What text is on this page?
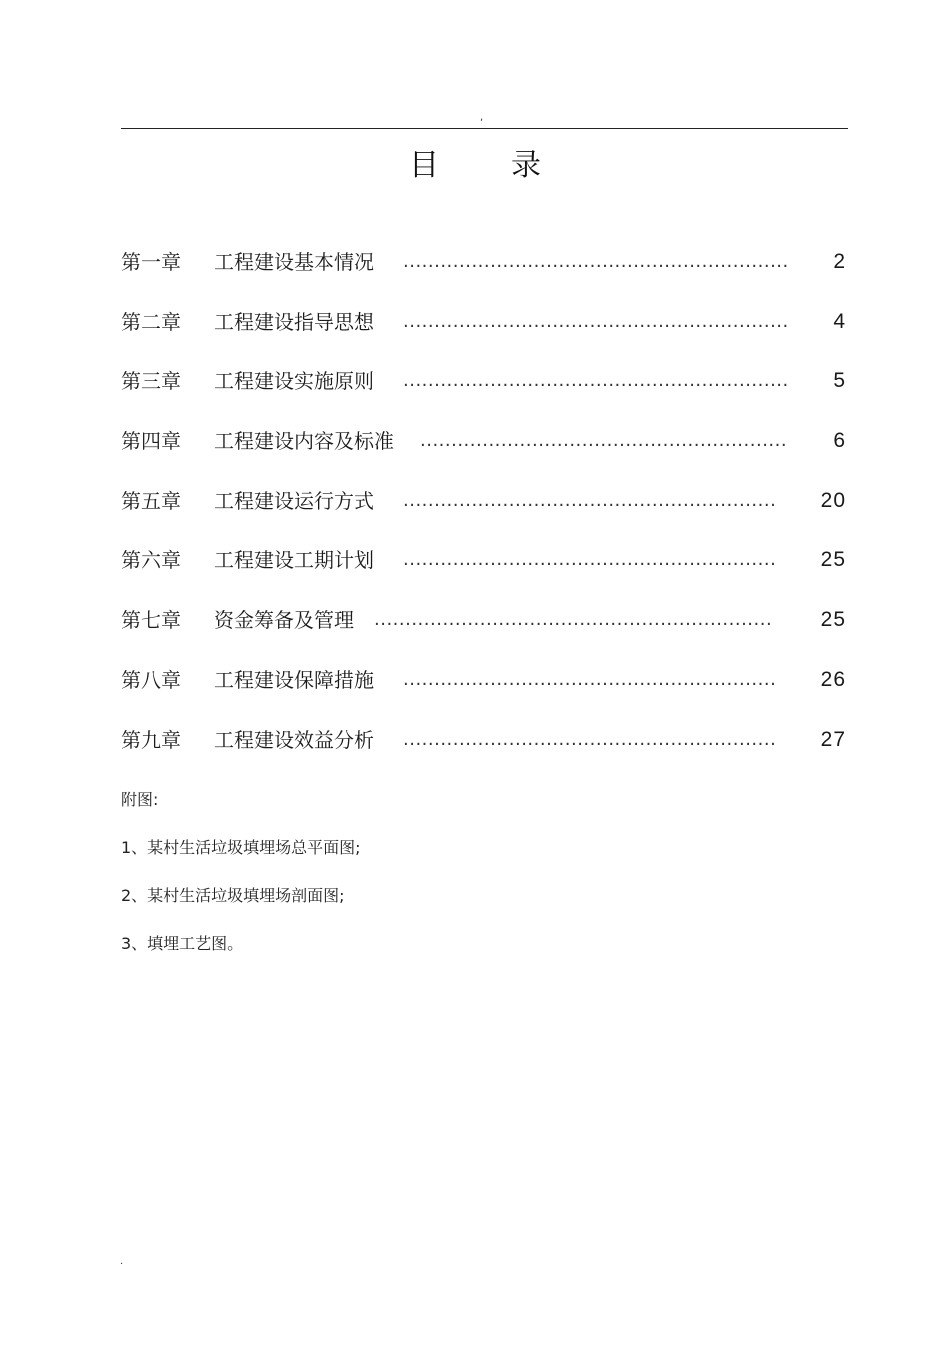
,
目录
第一章 工程建设基本情况 .............................................................. 2
第二章 工程建设指导思想 .............................................................. 4
第三章 工程建设实施原则 .............................................................. 5
第四章 工程建设内容及标准 ...........................................................	6
第五章 工程建设运行方式 ............................................................ 20
第六章 工程建设工期计划 ............................................................ 25
第七章 资金筹备及管理 ................................................................ 25
第八章 工程建设保障措施 ............................................................ 26
第九章 工程建设效益分析 ............................................................ 27
附图:
1、某村生活垃圾填埋场总平面图;
2、某村生活垃圾填埋场剖面图;
3、填埋工艺图。
.
